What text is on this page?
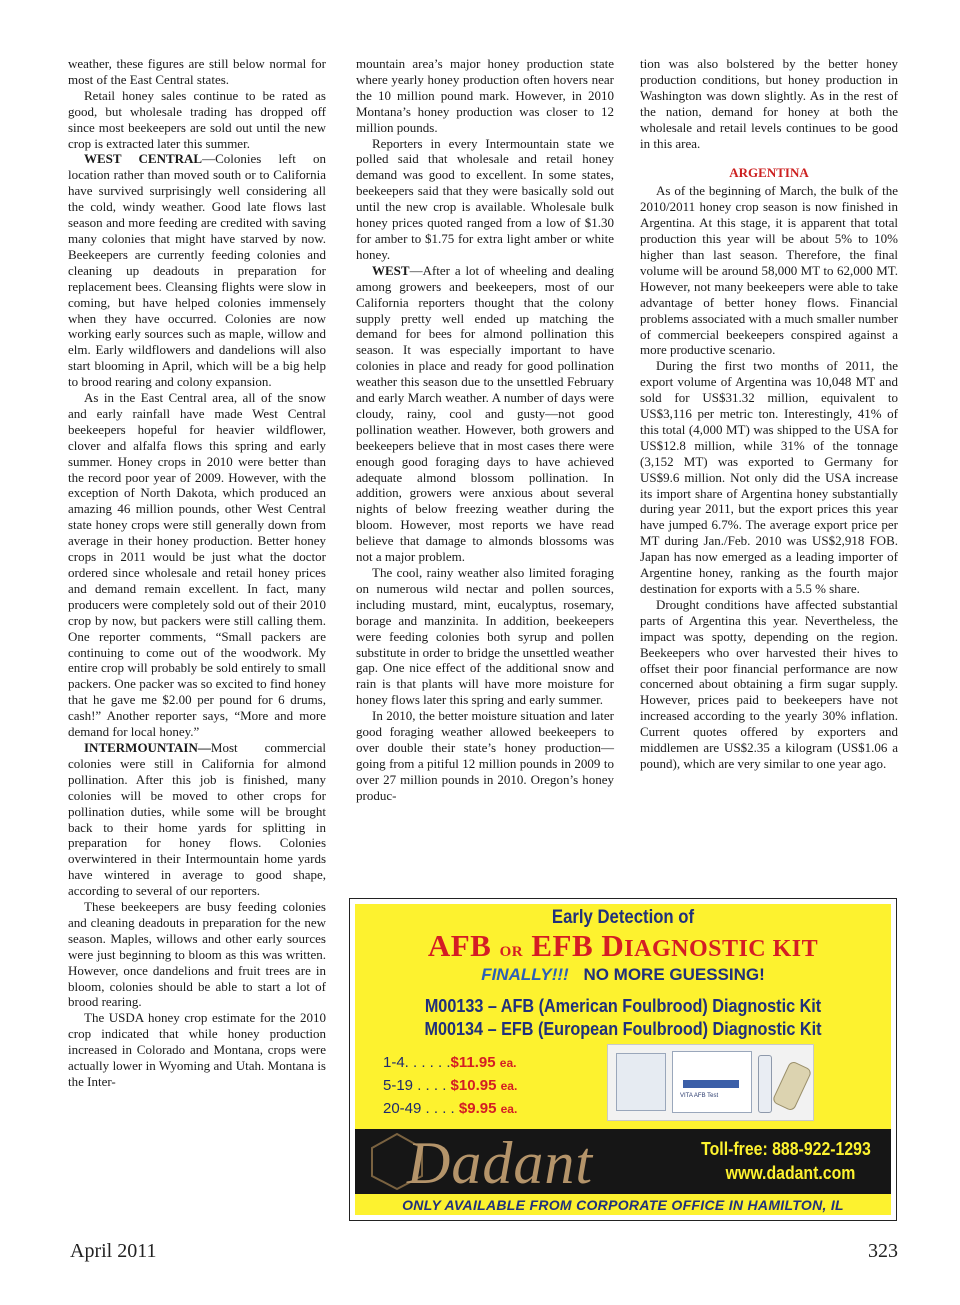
weather, these figures are still below normal for most of the East Central states.

Retail honey sales continue to be rated as good, but wholesale trading has dropped off since most beekeepers are sold out until the new crop is extracted later this summer.

WEST CENTRAL—Colonies left on location rather than moved south or to California have survived surprisingly well considering all the cold, windy weather. Good late flows last season and more feeding are credited with saving many colonies that might have starved by now. Beekeepers are currently feeding colonies and cleaning up deadouts in preparation for replacement bees. Cleansing flights were slow in coming, but have helped colonies immensely when they have occurred. Colonies are now working early sources such as maple, willow and elm. Early wildflowers and dandelions will also start blooming in April, which will be a big help to brood rearing and colony expansion.

As in the East Central area, all of the snow and early rainfall have made West Central beekeepers hopeful for heavier wildflower, clover and alfalfa flows this spring and early summer. Honey crops in 2010 were better than the record poor year of 2009. However, with the exception of North Dakota, which produced an amazing 46 million pounds, other West Central state honey crops were still generally down from average in their honey production. Better honey crops in 2011 would be just what the doctor ordered since wholesale and retail honey prices and demand remain excellent. In fact, many producers were completely sold out of their 2010 crop by now, but packers were still calling them. One reporter comments, “Small packers are continuing to come out of the woodwork. My entire crop will probably be sold entirely to small packers. One packer was so excited to find honey that he gave me $2.00 per pound for 6 drums, cash!” Another reporter says, “More and more demand for local honey.”

INTERMOUNTAIN—Most commercial colonies were still in California for almond pollination. After this job is finished, many colonies will be moved to other crops for pollination duties, while some will be brought back to their home yards for splitting in preparation for honey flows. Colonies overwintered in their Intermountain home yards have wintered in average to good shape, according to several of our reporters.

These beekeepers are busy feeding colonies and cleaning deadouts in preparation for the new season. Maples, willows and other early sources were just beginning to bloom as this was written. However, once dandelions and fruit trees are in bloom, colonies should be able to start a lot of brood rearing.

The USDA honey crop estimate for the 2010 crop indicated that while honey production increased in Colorado and Montana, crops were actually lower in Wyoming and Utah. Montana is the Inter-

mountain area’s major honey production state where yearly honey production often hovers near the 10 million pound mark. However, in 2010 Montana’s honey production was closer to 12 million pounds.

Reporters in every Intermountain state we polled said that wholesale and retail honey demand was good to excellent. In some states, beekeepers said that they were basically sold out until the new crop is available. Wholesale bulk honey prices quoted ranged from a low of $1.30 for amber to $1.75 for extra light amber or white honey.

WEST—After a lot of wheeling and dealing among growers and beekeepers, most of our California reporters thought that the colony supply pretty well ended up matching the demand for bees for almond pollination this season. It was especially important to have colonies in place and ready for good pollination weather this season due to the unsettled February and early March weather. A number of days were cloudy, rainy, cool and gusty—not good pollination weather. However, both growers and beekeepers believe that in most cases there were enough good foraging days to have achieved adequate almond blossom pollination. In addition, growers were anxious about several nights of below freezing weather during the bloom. However, most reports we have read believe that damage to almonds blossoms was not a major problem.

The cool, rainy weather also limited foraging on numerous wild nectar and pollen sources, including mustard, mint, eucalyptus, rosemary, borage and manzinita. In addition, beekeepers were feeding colonies both syrup and pollen substitute in order to bridge the unsettled weather gap. One nice effect of the additional snow and rain is that plants will have more moisture for honey flows later this spring and early summer.

In 2010, the better moisture situation and later good foraging weather allowed beekeepers to over double their state’s honey production—going from a pitiful 12 million pounds in 2009 to over 27 million pounds in 2010. Oregon’s honey produc-

tion was also bolstered by the better honey production conditions, but honey production in Washington was down slightly. As in the rest of the nation, demand for honey at both the wholesale and retail levels continues to be good in this area.

ARGENTINA

As of the beginning of March, the bulk of the 2010/2011 honey crop season is now finished in Argentina. At this stage, it is apparent that total production this year will be about 5% to 10% higher than last season. Therefore, the final volume will be around 58,000 MT to 62,000 MT. However, not many beekeepers were able to take advantage of better honey flows. Financial problems associated with a much smaller number of commercial beekeepers conspired against a more productive scenario.

During the first two months of 2011, the export volume of Argentina was 10,048 MT and sold for US$31.32 million, equivalent to US$3,116 per metric ton. Interestingly, 41% of this total (4,000 MT) was shipped to the USA for US$12.8 million, while 31% of the tonnage (3,152 MT) was exported to Germany for US$9.6 million. Not only did the USA increase its import share of Argentina honey substantially during year 2011, but the export prices this year have jumped 6.7%. The average export price per MT during Jan./Feb. 2010 was US$2,918 FOB. Japan has now emerged as a leading importer of Argentine honey, ranking as the fourth major destination for exports with a 5.5 % share.

Drought conditions have affected substantial parts of Argentina this year. Nevertheless, the impact was spotty, depending on the region. Beekeepers who over harvested their hives to offset their poor financial performance are now concerned about obtaining a firm sugar supply. However, prices paid to beekeepers have not increased according to the yearly 30% inflation. Current quotes offered by exporters and middlemen are US$2.35 a kilogram (US$1.06 a pound), which are very similar to one year ago.

Early Detection of
AFB OR EFB DIAGNOSTIC KIT
FINALLY!!! NO MORE GUESSING!
M00133 – AFB (American Foulbrood) Diagnostic Kit
M00134 – EFB (European Foulbrood) Diagnostic Kit
1-4. . . . . .$11.95 ea.
5-19 . . . . $10.95 ea.
20-49 . . . . $9.95 ea.
VITA AFB Test
Dadant	Toll-free: 888-922-1293
www.dadant.com
ONLY AVAILABLE FROM CORPORATE OFFICE IN HAMILTON, IL
April 2011	323
